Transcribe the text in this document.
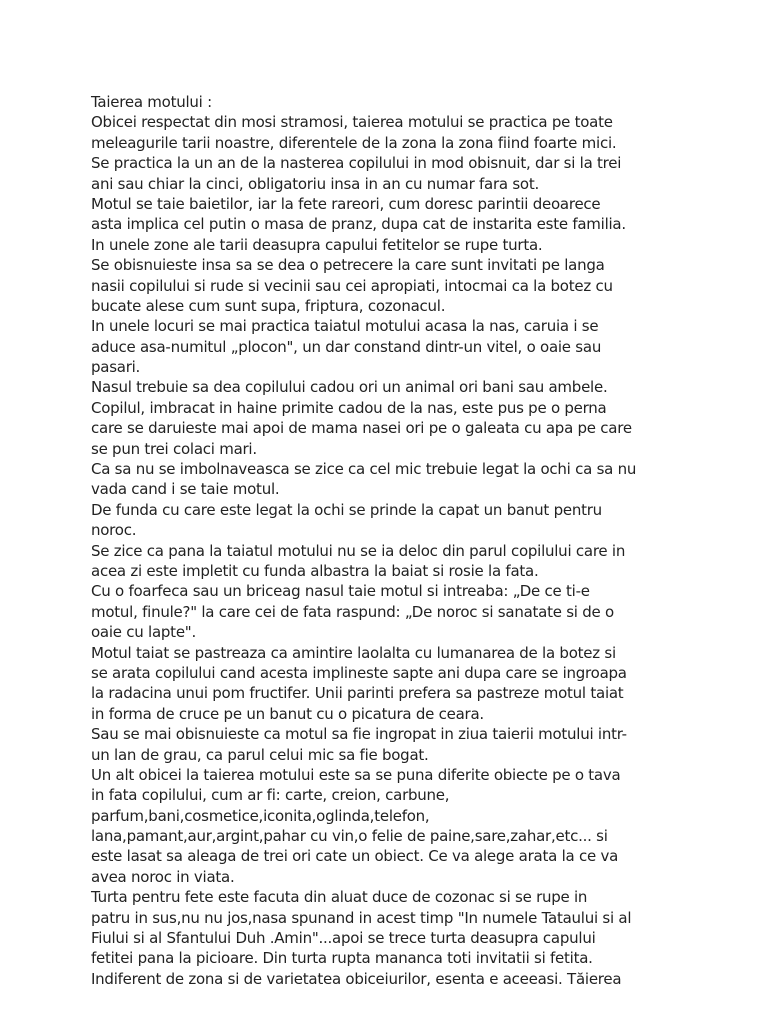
Taierea motului :
Obicei respectat din mosi stramosi, taierea motului se practica pe toate
meleagurile tarii noastre, diferentele de la zona la zona fiind foarte mici.
Se practica la un an de la nasterea copilului in mod obisnuit, dar si la trei
ani sau chiar la cinci, obligatoriu insa in an cu numar fara sot.
Motul se taie baietilor, iar la fete rareori, cum doresc parintii deoarece
asta implica cel putin o masa de pranz, dupa cat de instarita este familia.
In unele zone ale tarii deasupra capului fetitelor se rupe turta.
Se obisnuieste insa sa se dea o petrecere la care sunt invitati pe langa
nasii copilului si rude si vecinii sau cei apropiati, intocmai ca la botez cu
bucate alese cum sunt supa, friptura, cozonacul.
In unele locuri se mai practica taiatul motului acasa la nas, caruia i se
aduce asa-numitul „plocon", un dar constand dintr-un vitel, o oaie sau
pasari.
Nasul trebuie sa dea copilului cadou ori un animal ori bani sau ambele.
Copilul, imbracat in haine primite cadou de la nas, este pus pe o perna
care se daruieste mai apoi de mama nasei ori pe o galeata cu apa pe care
se pun trei colaci mari.
Ca sa nu se imbolnaveasca se zice ca cel mic trebuie legat la ochi ca sa nu
vada cand i se taie motul.
De funda cu care este legat la ochi se prinde la capat un banut pentru
noroc.
Se zice ca pana la taiatul motului nu se ia deloc din parul copilului care in
acea zi este impletit cu funda albastra la baiat si rosie la fata.
Cu o foarfeca sau un briceag nasul taie motul si intreaba: „De ce ti-e
motul, finule?" la care cei de fata raspund: „De noroc si sanatate si de o
oaie cu lapte".
Motul taiat se pastreaza ca amintire laolalta cu lumanarea de la botez si
se arata copilului cand acesta implineste sapte ani dupa care se ingroapa
la radacina unui pom fructifer. Unii parinti prefera sa pastreze motul taiat
in forma de cruce pe un banut cu o picatura de ceara.
Sau se mai obisnuieste ca motul sa fie ingropat in ziua taierii motului intr-
un lan de grau, ca parul celui mic sa fie bogat.
Un alt obicei la taierea motului este sa se puna diferite obiecte pe o tava
in fata copilului, cum ar fi: carte, creion, carbune,
parfum,bani,cosmetice,iconita,oglinda,telefon,
lana,pamant,aur,argint,pahar cu vin,o felie de paine,sare,zahar,etc... si
este lasat sa aleaga de trei ori cate un obiect. Ce va alege arata la ce va
avea noroc in viata.
Turta pentru fete este facuta din aluat duce de cozonac si se rupe in
patru in sus,nu nu jos,nasa spunand in acest timp "In numele Tataului si al
Fiului si al Sfantului Duh .Amin"...apoi se trece turta deasupra capului
fetitei pana la picioare. Din turta rupta mananca toti invitatii si fetita.
Indiferent de zona si de varietatea obiceiurilor, esenta e aceeasi. Tăierea
